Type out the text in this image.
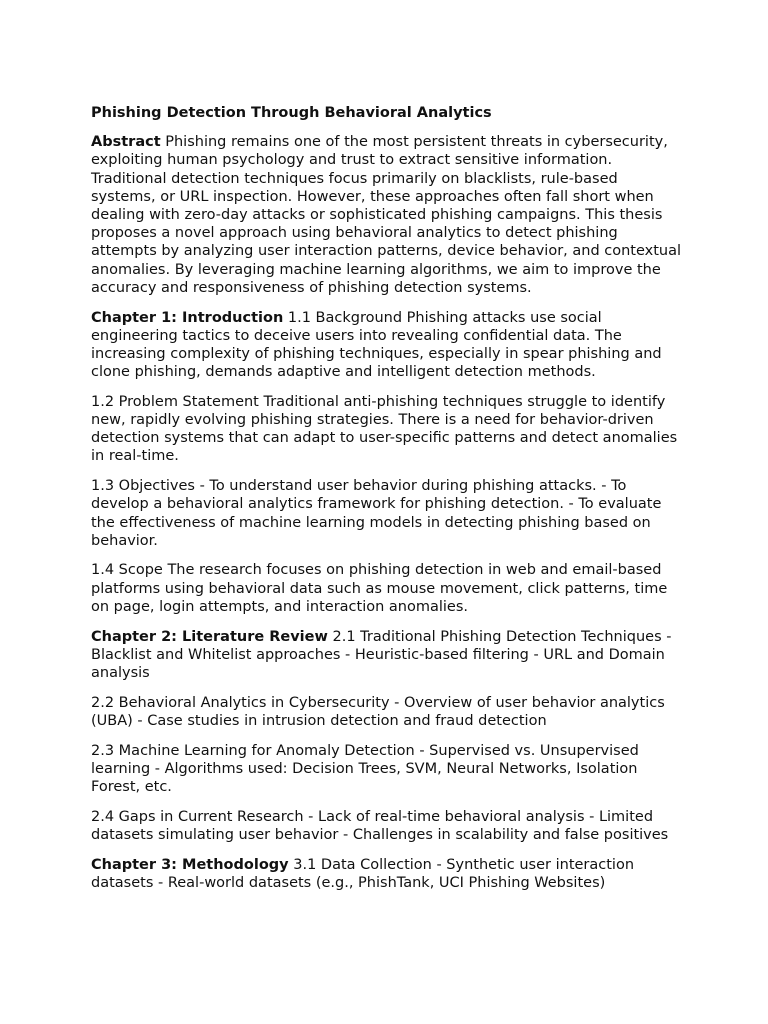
Phishing Detection Through Behavioral Analytics

Abstract Phishing remains one of the most persistent threats in cybersecurity, exploiting human psychology and trust to extract sensitive information. Traditional detection techniques focus primarily on blacklists, rule-based systems, or URL inspection. However, these approaches often fall short when dealing with zero-day attacks or sophisticated phishing campaigns. This thesis proposes a novel approach using behavioral analytics to detect phishing attempts by analyzing user interaction patterns, device behavior, and contextual anomalies. By leveraging machine learning algorithms, we aim to improve the accuracy and responsiveness of phishing detection systems.

Chapter 1: Introduction 1.1 Background Phishing attacks use social engineering tactics to deceive users into revealing confidential data. The increasing complexity of phishing techniques, especially in spear phishing and clone phishing, demands adaptive and intelligent detection methods.

1.2 Problem Statement Traditional anti-phishing techniques struggle to identify new, rapidly evolving phishing strategies. There is a need for behavior-driven detection systems that can adapt to user-specific patterns and detect anomalies in real-time.

1.3 Objectives - To understand user behavior during phishing attacks. - To develop a behavioral analytics framework for phishing detection. - To evaluate the effectiveness of machine learning models in detecting phishing based on behavior.

1.4 Scope The research focuses on phishing detection in web and email-based platforms using behavioral data such as mouse movement, click patterns, time on page, login attempts, and interaction anomalies.

Chapter 2: Literature Review 2.1 Traditional Phishing Detection Techniques - Blacklist and Whitelist approaches - Heuristic-based filtering - URL and Domain analysis

2.2 Behavioral Analytics in Cybersecurity - Overview of user behavior analytics (UBA) - Case studies in intrusion detection and fraud detection

2.3 Machine Learning for Anomaly Detection - Supervised vs. Unsupervised learning - Algorithms used: Decision Trees, SVM, Neural Networks, Isolation Forest, etc.

2.4 Gaps in Current Research - Lack of real-time behavioral analysis - Limited datasets simulating user behavior - Challenges in scalability and false positives

Chapter 3: Methodology 3.1 Data Collection - Synthetic user interaction datasets - Real-world datasets (e.g., PhishTank, UCI Phishing Websites)
